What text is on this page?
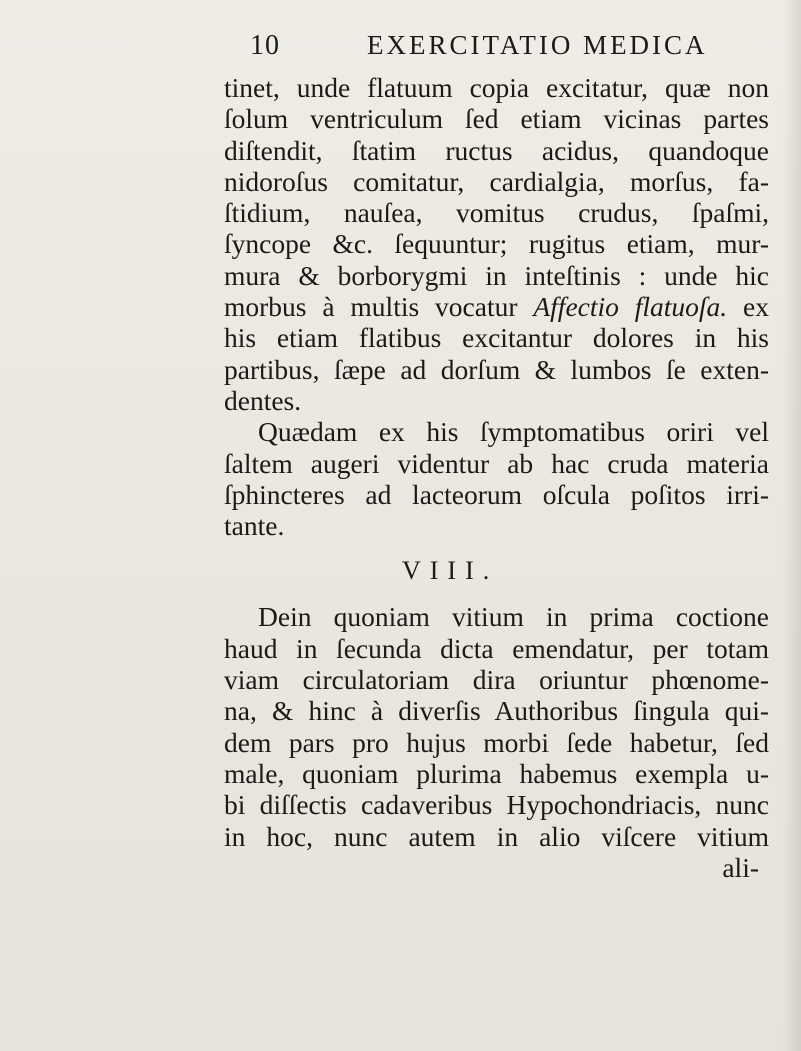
10	EXERCITATIO MEDICA
tinet, unde flatuum copia excitatur, quæ non
ſolum ventriculum ſed etiam vicinas partes
diſtendit, ſtatim ructus acidus, quandoque
nidoroſus comitatur, cardialgia, morſus, fa-
ſtidium, nauſea, vomitus crudus, ſpaſmi,
ſyncope &c. ſequuntur; rugitus etiam, mur-
mura & borborygmi in inteſtinis : unde hic
morbus à multis vocatur Affectio flatuoſa. ex
his etiam flatibus excitantur dolores in his
partibus, ſæpe ad dorſum & lumbos ſe exten-
dentes.
Quædam ex his ſymptomatibus oriri vel
ſaltem augeri videntur ab hac cruda materia
ſphincteres ad lacteorum oſcula poſitos irri-
tante.
VIII.
Dein quoniam vitium in prima coctione
haud in ſecunda dicta emendatur, per totam
viam circulatoriam dira oriuntur phœnome-
na, & hinc à diverſis Authoribus ſingula qui-
dem pars pro hujus morbi ſede habetur, ſed
male, quoniam plurima habemus exempla u-
bi diſſectis cadaveribus Hypochondriacis, nunc
in hoc, nunc autem in alio viſcere vitium
ali-
